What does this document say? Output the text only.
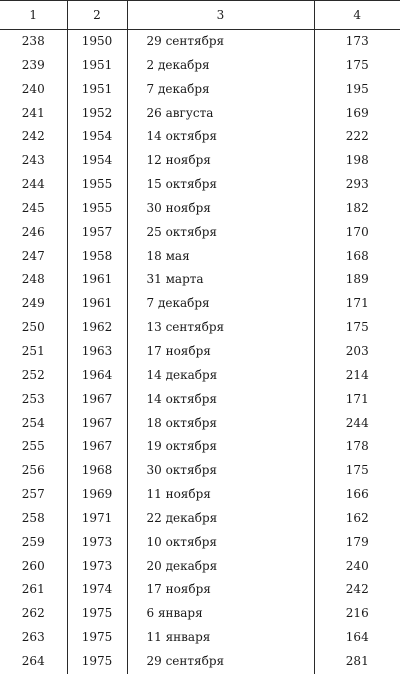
1	2	3	4
238	1950	29 сентября	173
239	1951	2 декабря	175
240	1951	7 декабря	195
241	1952	26 августа	169
242	1954	14 октября	222
243	1954	12 ноября	198
244	1955	15 октября	293
245	1955	30 ноября	182
246	1957	25 октября	170
247	1958	18 мая	168
248	1961	31 марта	189
249	1961	7 декабря	171
250	1962	13 сентября	175
251	1963	17 ноября	203
252	1964	14 декабря	214
253	1967	14 октября	171
254	1967	18 октября	244
255	1967	19 октября	178
256	1968	30 октября	175
257	1969	11 ноября	166
258	1971	22 декабря	162
259	1973	10 октября	179
260	1973	20 декабря	240
261	1974	17 ноября	242
262	1975	6 января	216
263	1975	11 января	164
264	1975	29 сентября	281
